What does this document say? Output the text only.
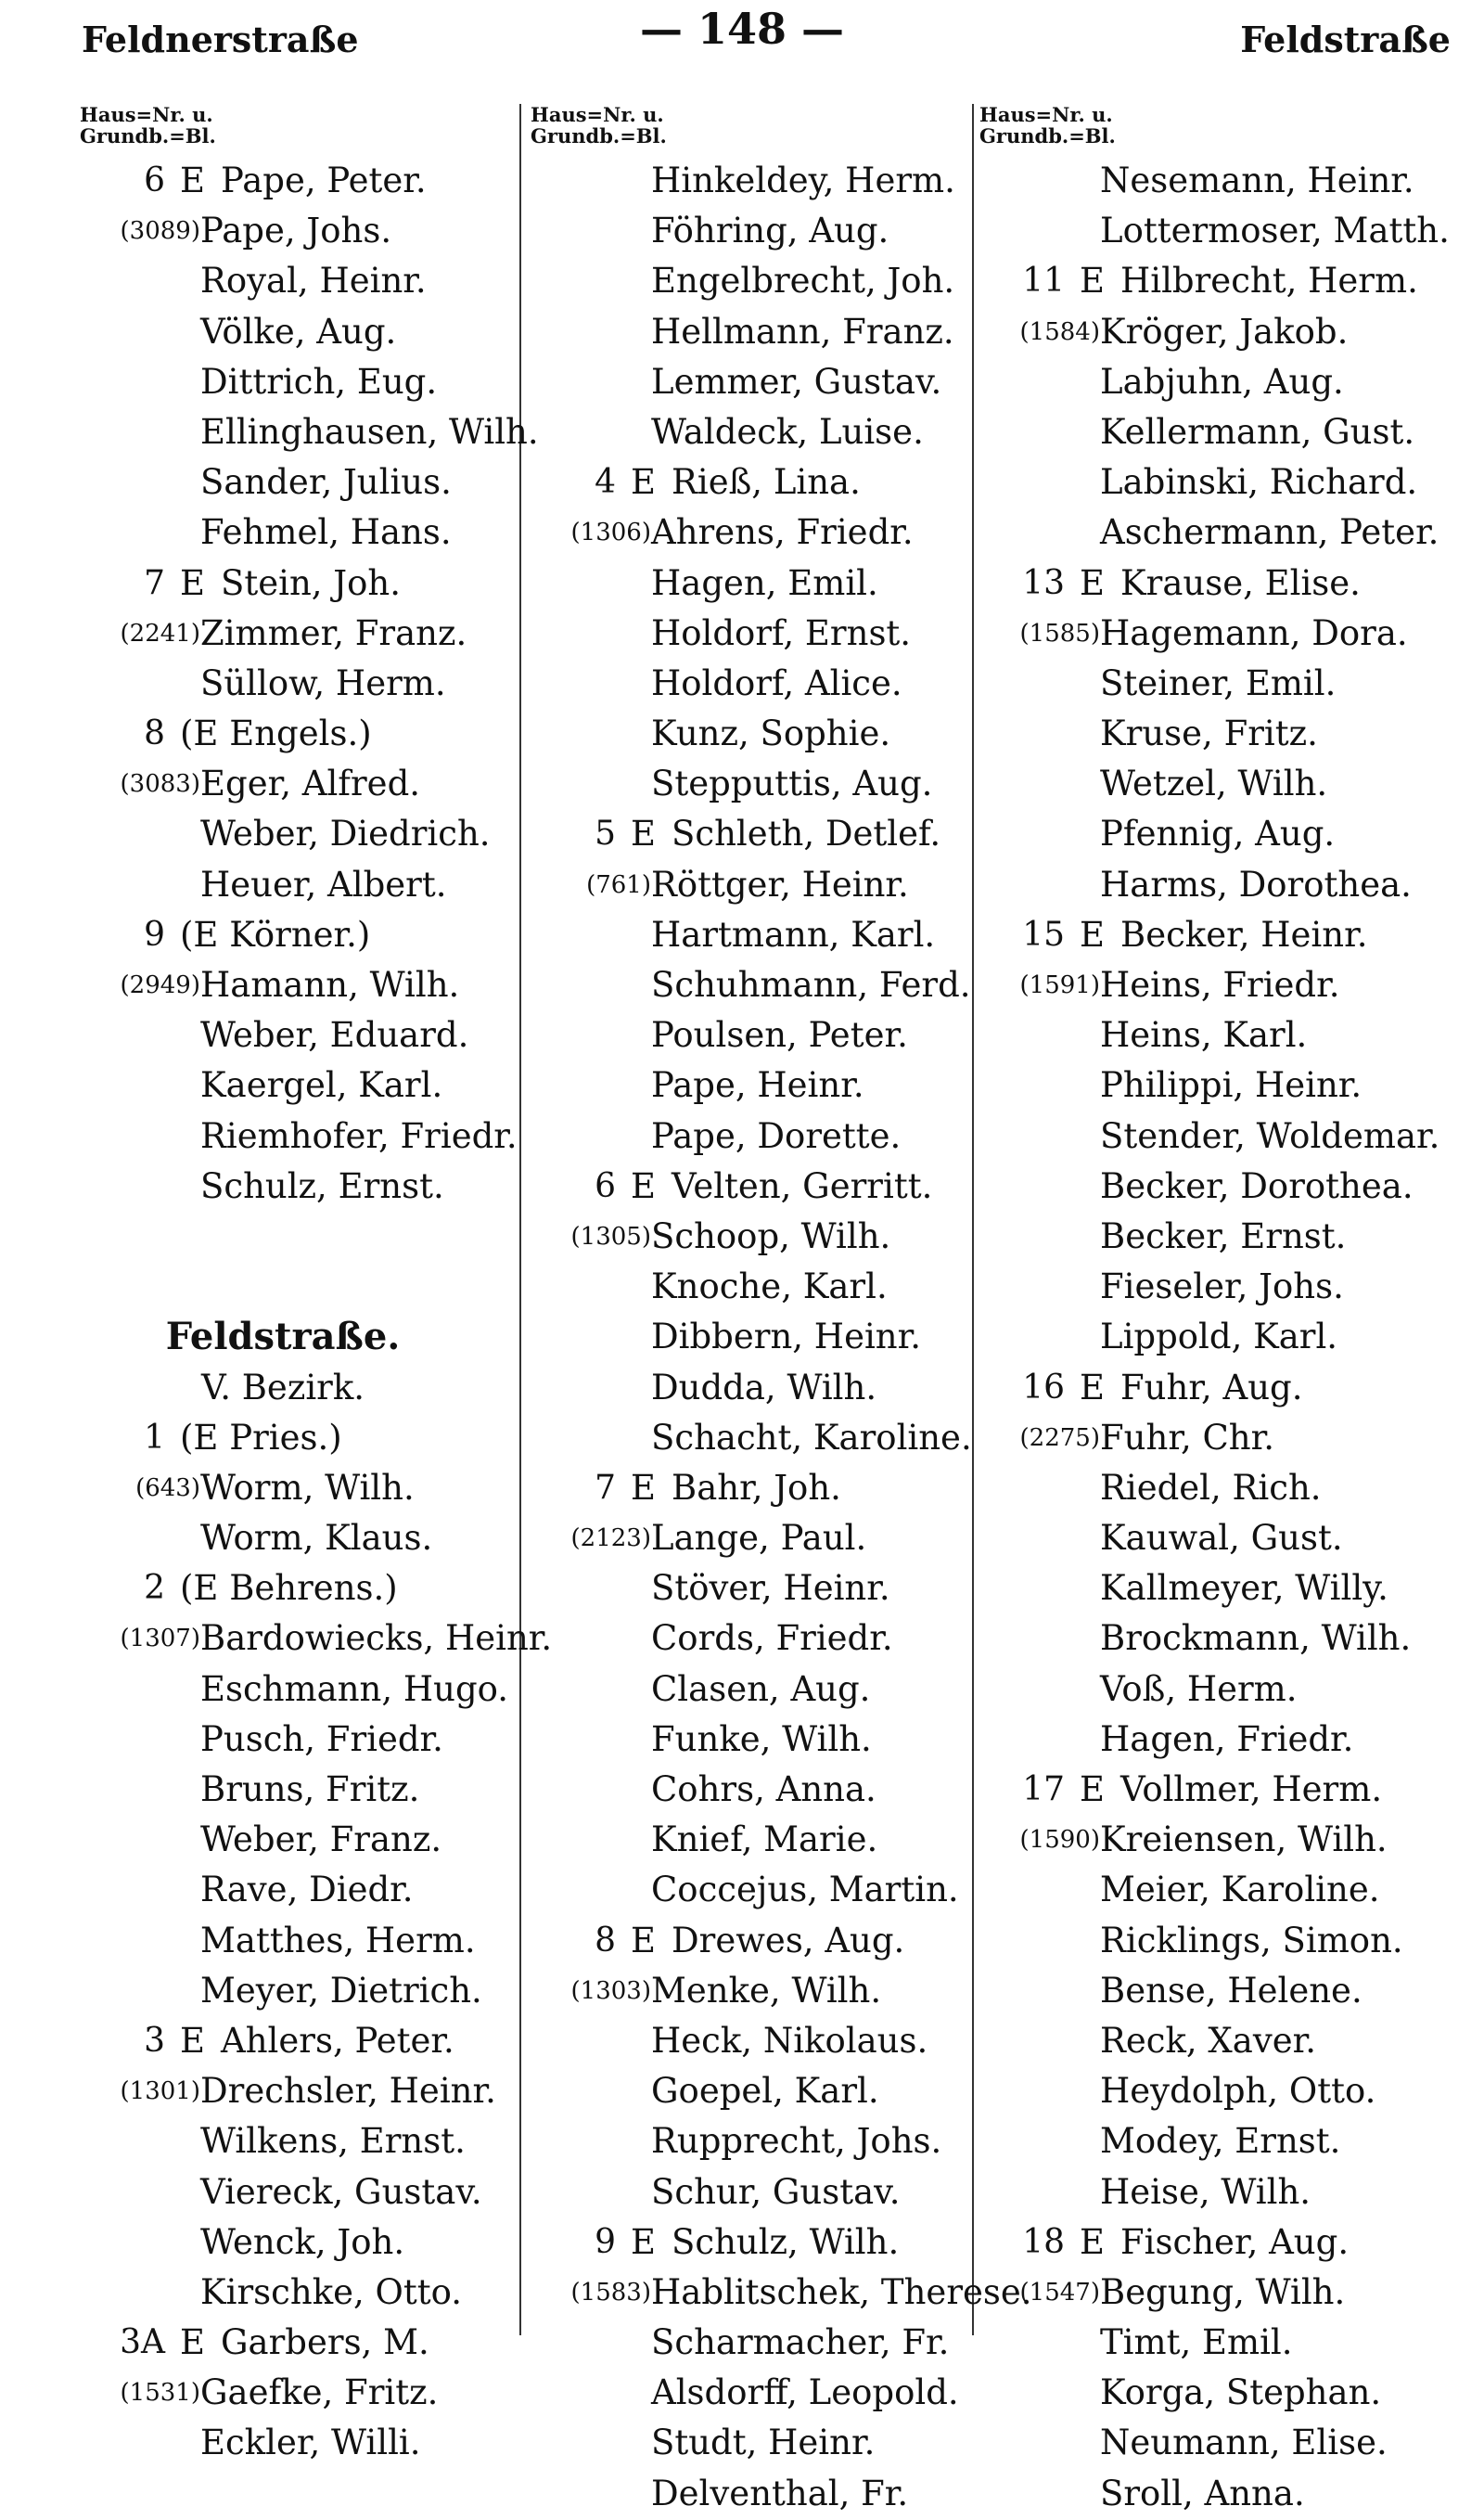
— 148 —
Feldnerstraße	Feldstraße
Haus=Nr. u.
Grundb.=Bl.
6 E Pape, Peter.
(3089) Pape, Johs.
Royal, Heinr.
Völke, Aug.
Dittrich, Eug.
Ellinghausen, Wilh.
Sander, Julius.
Fehmel, Hans.
7 E Stein, Joh.
(2241) Zimmer, Franz.
Süllow, Herm.
8 (E Engels.)
(3083) Eger, Alfred.
Weber, Diedrich.
Heuer, Albert.
9 (E Körner.)
(2949) Hamann, Wilh.
Weber, Eduard.
Kaergel, Karl.
Riemhofer, Friedr.
Schulz, Ernst.
Feldstraße.
V. Bezirk.
1 (E Pries.)
(643) Worm, Wilh.
Worm, Klaus.
2 (E Behrens.)
(1307) Bardowiecks, Heinr.
Eschmann, Hugo.
Pusch, Friedr.
Bruns, Fritz.
Weber, Franz.
Rave, Diedr.
Matthes, Herm.
Meyer, Dietrich.
3 E Ahlers, Peter.
(1301) Drechsler, Heinr.
Wilkens, Ernst.
Viereck, Gustav.
Wenck, Joh.
Kirschke, Otto.
3A E Garbers, M.
(1531) Gaefke, Fritz.
Eckler, Willi.
Haus=Nr. u.
Grundb.=Bl.
Hinkeldey, Herm.
Föhring, Aug.
Engelbrecht, Joh.
Hellmann, Franz.
Lemmer, Gustav.
Waldeck, Luise.
4 E Rieß, Lina.
(1306) Ahrens, Friedr.
Hagen, Emil.
Holdorf, Ernst.
Holdorf, Alice.
Kunz, Sophie.
Stepputtis, Aug.
5 E Schleth, Detlef.
(761) Röttger, Heinr.
Hartmann, Karl.
Schuhmann, Ferd.
Poulsen, Peter.
Pape, Heinr.
Pape, Dorette.
6 E Velten, Gerritt.
(1305) Schoop, Wilh.
Knoche, Karl.
Dibbern, Heinr.
Dudda, Wilh.
Schacht, Karoline.
7 E Bahr, Joh.
(2123) Lange, Paul.
Stöver, Heinr.
Cords, Friedr.
Clasen, Aug.
Funke, Wilh.
Cohrs, Anna.
Knief, Marie.
Coccejus, Martin.
8 E Drewes, Aug.
(1303) Menke, Wilh.
Heck, Nikolaus.
Goepel, Karl.
Rupprecht, Johs.
Schur, Gustav.
9 E Schulz, Wilh.
(1583) Hablitschek, Therese.
Scharmacher, Fr.
Alsdorff, Leopold.
Studt, Heinr.
Delventhal, Fr.
Haus=Nr. u.
Grundb.=Bl.
Nesemann, Heinr.
Lottermoser, Matth.
11 E Hilbrecht, Herm.
(1584) Kröger, Jakob.
Labjuhn, Aug.
Kellermann, Gust.
Labinski, Richard.
Aschermann, Peter.
13 E Krause, Elise.
(1585) Hagemann, Dora.
Steiner, Emil.
Kruse, Fritz.
Wetzel, Wilh.
Pfennig, Aug.
Harms, Dorothea.
15 E Becker, Heinr.
(1591) Heins, Friedr.
Heins, Karl.
Philippi, Heinr.
Stender, Woldemar.
Becker, Dorothea.
Becker, Ernst.
Fieseler, Johs.
Lippold, Karl.
16 E Fuhr, Aug.
(2275) Fuhr, Chr.
Riedel, Rich.
Kauwal, Gust.
Kallmeyer, Willy.
Brockmann, Wilh.
Voß, Herm.
Hagen, Friedr.
17 E Vollmer, Herm.
(1590) Kreiensen, Wilh.
Meier, Karoline.
Ricklings, Simon.
Bense, Helene.
Reck, Xaver.
Heydolph, Otto.
Modey, Ernst.
Heise, Wilh.
18 E Fischer, Aug.
(1547) Begung, Wilh.
Timt, Emil.
Korga, Stephan.
Neumann, Elise.
Sroll, Anna.
